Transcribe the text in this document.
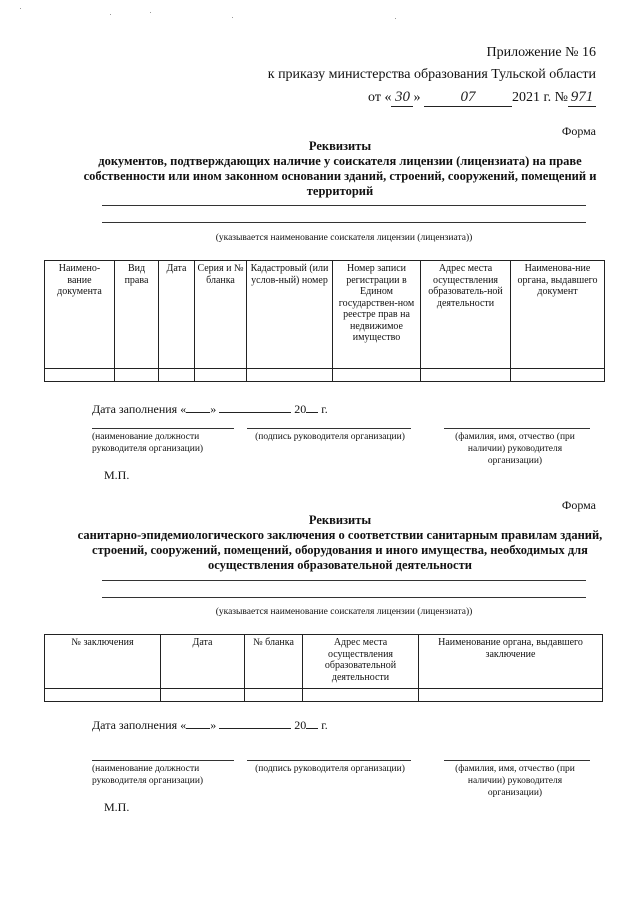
Приложение № 16
к приказу министерства образования Тульской области
от « 30 »	07	2021 г. № 971
Форма
Реквизиты
документов, подтверждающих наличие у соискателя лицензии (лицензиата) на праве собственности или ином законном основании зданий, строений, сооружений, помещений и территорий
(указывается наименование соискателя лицензии (лицензиата))
Наимено-вание документа	Вид права	Дата	Серия и № бланка	Кадастровый (или услов-ный) номер	Номер записи регистрации в Едином государствен-ном реестре прав на недвижимое имущество	Адрес места осуществления образователь-ной деятельности	Наименова-ние органа, выдавшего документ

Дата заполнения « »	20 г.
(наименование должности руководителя организации)
(подпись руководителя организации)	(фамилия, имя, отчество (при наличии) руководителя организации)
М.П.
Форма
Реквизиты
санитарно-эпидемиологического заключения о соответствии санитарным правилам зданий, строений, сооружений, помещений, оборудования и иного имущества, необходимых для осуществления образовательной деятельности
(указывается наименование соискателя лицензии (лицензиата))
№ заключения	Дата	№ бланка	Адрес места осуществления образовательной деятельности	Наименование органа, выдавшего заключение

Дата заполнения « »	20 г.
(наименование должности руководителя организации)
(подпись руководителя организации)	(фамилия, имя, отчество (при наличии) руководителя организации)
М.П.
